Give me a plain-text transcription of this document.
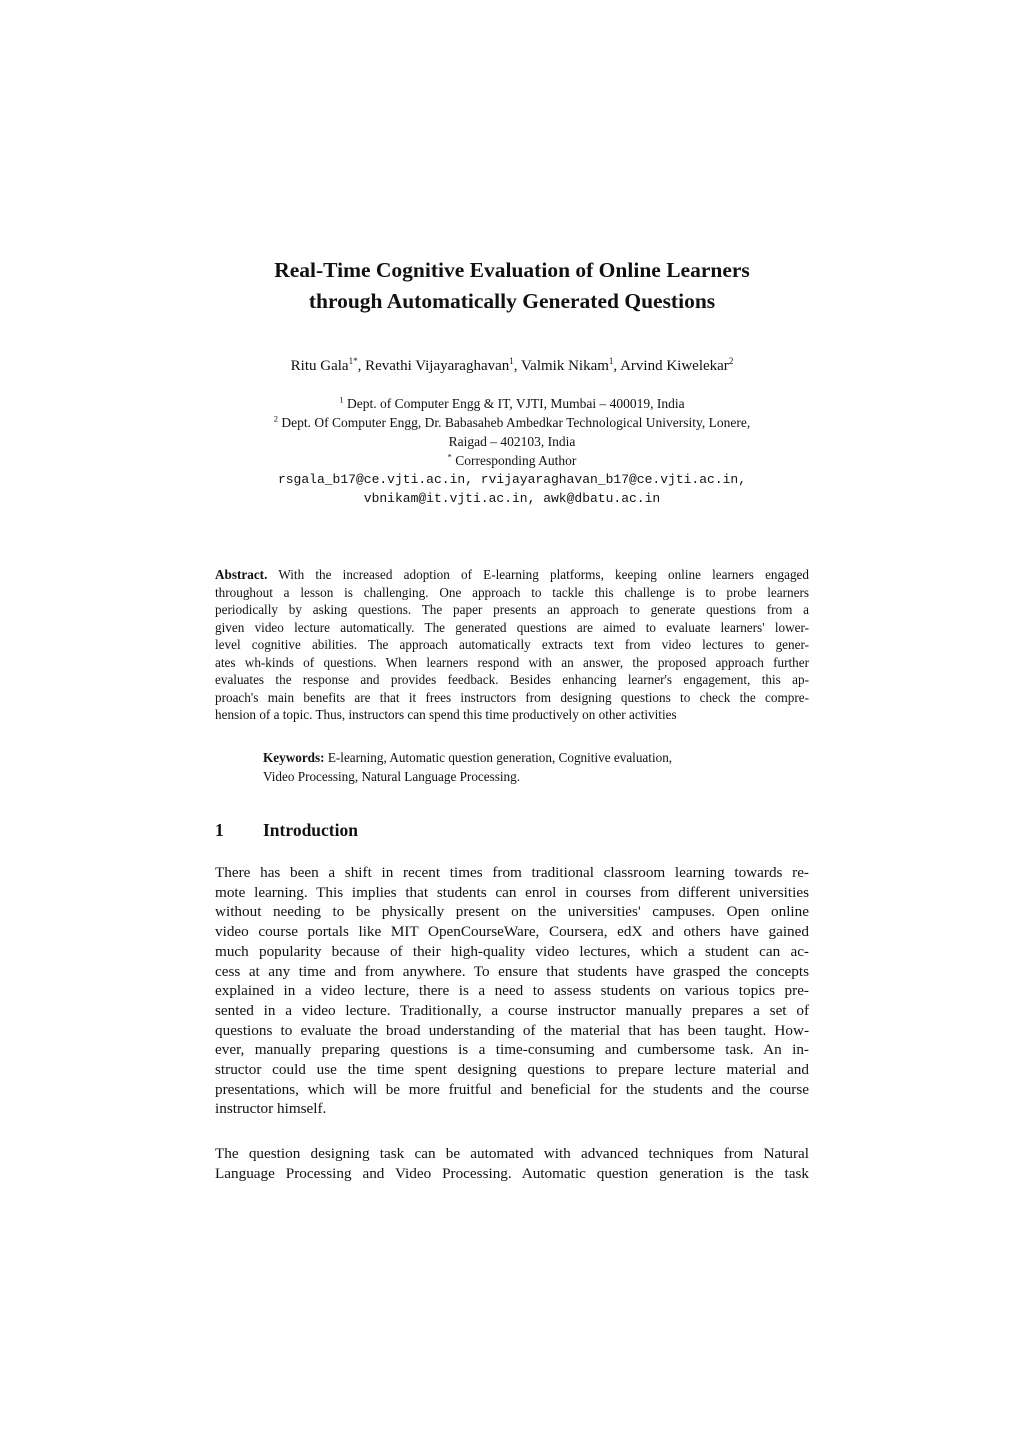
Real-Time Cognitive Evaluation of Online Learners
through Automatically Generated Questions
Ritu Gala$^{1*}$, Revathi Vijayaraghavan$^1$, Valmik Nikam$^1$, Arvind Kiwelekar$^2$
$^1$ Dept. of Computer Engg & IT, VJTI, Mumbai – 400019, India
$^2$ Dept. Of Computer Engg, Dr. Babasaheb Ambedkar Technological University, Lonere,
Raigad – 402103, India
* Corresponding Author
rsgala_b17@ce.vjti.ac.in, rvijayaraghavan_b17@ce.vjti.ac.in,
vbnikam@it.vjti.ac.in, awk@dbatu.ac.in
Abstract. With the increased adoption of E-learning platforms, keeping online learners engaged
throughout a lesson is challenging. One approach to tackle this challenge is to probe learners
periodically by asking questions. The paper presents an approach to generate questions from a
given video lecture automatically. The generated questions are aimed to evaluate learners' lower-
level cognitive abilities. The approach automatically extracts text from video lectures to gener-
ates wh-kinds of questions. When learners respond with an answer, the proposed approach further
evaluates the response and provides feedback. Besides enhancing learner's engagement, this ap-
proach's main benefits are that it frees instructors from designing questions to check the compre-
hension of a topic. Thus, instructors can spend this time productively on other activities
Keywords: E-learning, Automatic question generation, Cognitive evaluation,
Video Processing, Natural Language Processing.
1 Introduction
There has been a shift in recent times from traditional classroom learning towards re-
mote learning. This implies that students can enrol in courses from different universities
without needing to be physically present on the universities' campuses. Open online
video course portals like MIT OpenCourseWare, Coursera, edX and others have gained
much popularity because of their high-quality video lectures, which a student can ac-
cess at any time and from anywhere. To ensure that students have grasped the concepts
explained in a video lecture, there is a need to assess students on various topics pre-
sented in a video lecture. Traditionally, a course instructor manually prepares a set of
questions to evaluate the broad understanding of the material that has been taught. How-
ever, manually preparing questions is a time-consuming and cumbersome task. An in-
structor could use the time spent designing questions to prepare lecture material and
presentations, which will be more fruitful and beneficial for the students and the course
instructor himself.
The question designing task can be automated with advanced techniques from Natural
Language Processing and Video Processing. Automatic question generation is the task
